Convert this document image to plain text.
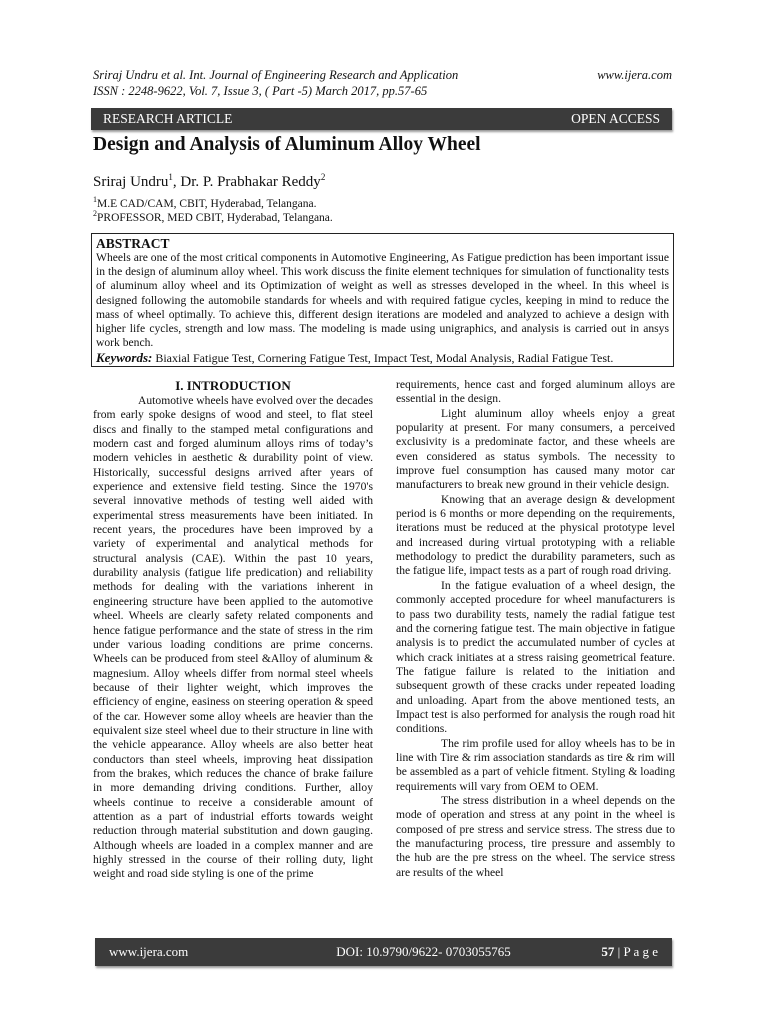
Sriraj Undru et al. Int. Journal of Engineering Research and Application	www.ijera.com
ISSN : 2248-9622, Vol. 7, Issue 3, ( Part -5) March 2017, pp.57-65
RESEARCH ARTICLE	OPEN ACCESS
Design and Analysis of Aluminum Alloy Wheel
Sriraj Undru$^1$, Dr. P. Prabhakar Reddy$^2$
$^1$M.E CAD/CAM, CBIT, Hyderabad, Telangana.
$^2$PROFESSOR, MED CBIT, Hyderabad, Telangana.
ABSTRACT

Wheels are one of the most critical components in Automotive Engineering, As Fatigue prediction has been important issue in the design of aluminum alloy wheel. This work discuss the finite element techniques for simulation of functionality tests of aluminum alloy wheel and its Optimization of weight as well as stresses developed in the wheel. In this wheel is designed following the automobile standards for wheels and with required fatigue cycles, keeping in mind to reduce the mass of wheel optimally. To achieve this, different design iterations are modeled and analyzed to achieve a design with higher life cycles, strength and low mass. The modeling is made using unigraphics, and analysis is carried out in ansys work bench.

Keywords: Biaxial Fatigue Test, Cornering Fatigue Test, Impact Test, Modal Analysis, Radial Fatigue Test.
I. INTRODUCTION

Automotive wheels have evolved over the decades from early spoke designs of wood and steel, to flat steel discs and finally to the stamped metal configurations and modern cast and forged aluminum alloys rims of today’s modern vehicles in aesthetic & durability point of view. Historically, successful designs arrived after years of experience and extensive field testing. Since the 1970's several innovative methods of testing well aided with experimental stress measurements have been initiated. In recent years, the procedures have been improved by a variety of experimental and analytical methods for structural analysis (CAE). Within the past 10 years, durability analysis (fatigue life predication) and reliability methods for dealing with the variations inherent in engineering structure have been applied to the automotive wheel. Wheels are clearly safety related components and hence fatigue performance and the state of stress in the rim under various loading conditions are prime concerns. Wheels can be produced from steel &Alloy of aluminum & magnesium. Alloy wheels differ from normal steel wheels because of their lighter weight, which improves the efficiency of engine, easiness on steering operation & speed of the car. However some alloy wheels are heavier than the equivalent size steel wheel due to their structure in line with the vehicle appearance. Alloy wheels are also better heat conductors than steel wheels, improving heat dissipation from the brakes, which reduces the chance of brake failure in more demanding driving conditions. Further, alloy wheels continue to receive a considerable amount of attention as a part of industrial efforts towards weight reduction through material substitution and down gauging. Although wheels are loaded in a complex manner and are highly stressed in the course of their rolling duty, light weight and road side styling is one of the prime

requirements, hence cast and forged aluminum alloys are essential in the design.

Light aluminum alloy wheels enjoy a great popularity at present. For many consumers, a perceived exclusivity is a predominate factor, and these wheels are even considered as status symbols. The necessity to improve fuel consumption has caused many motor car manufacturers to break new ground in their vehicle design.

Knowing that an average design & development period is 6 months or more depending on the requirements, iterations must be reduced at the physical prototype level and increased during virtual prototyping with a reliable methodology to predict the durability parameters, such as the fatigue life, impact tests as a part of rough road driving.

In the fatigue evaluation of a wheel design, the commonly accepted procedure for wheel manufacturers is to pass two durability tests, namely the radial fatigue test and the cornering fatigue test. The main objective in fatigue analysis is to predict the accumulated number of cycles at which crack initiates at a stress raising geometrical feature. The fatigue failure is related to the initiation and subsequent growth of these cracks under repeated loading and unloading. Apart from the above mentioned tests, an Impact test is also performed for analysis the rough road hit conditions.

The rim profile used for alloy wheels has to be in line with Tire & rim association standards as tire & rim will be assembled as a part of vehicle fitment. Styling & loading requirements will vary from OEM to OEM.

The stress distribution in a wheel depends on the mode of operation and stress at any point in the wheel is composed of pre stress and service stress. The stress due to the manufacturing process, tire pressure and assembly to the hub are the pre stress on the wheel. The service stress are results of the wheel

www.ijera.com	DOI: 10.9790/9622- 0703055765	57 | P a g e
